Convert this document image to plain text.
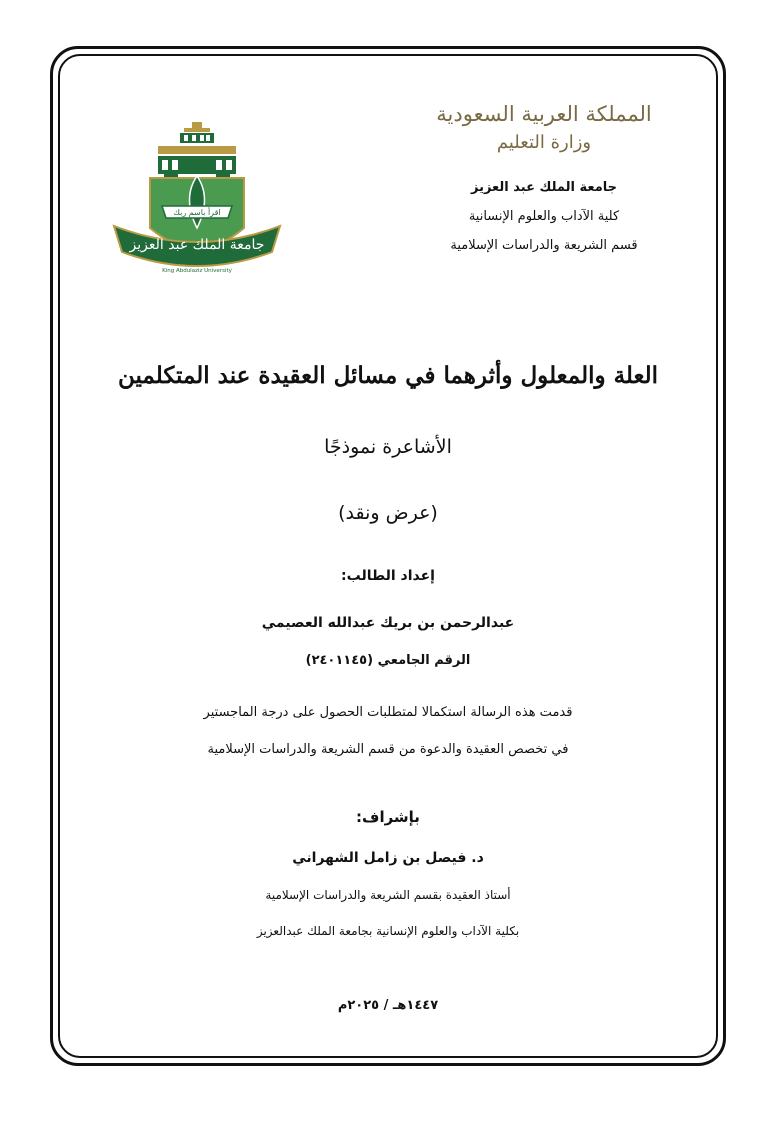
المملكة العربية السعودية
وزارة التعليم
جامعة الملك عبد العزيز
كلية الآداب والعلوم الإنسانية
قسم الشريعة والدراسات الإسلامية
اقرأ باسم ربك
جامعة الملك عبد العزيز
King Abdulaziz University
العلة والمعلول وأثرهما في مسائل العقيدة عند المتكلمين
الأشاعرة نموذجًا
(عرض ونقد)
إعداد الطالب:
عبدالرحمن بن بريك عبدالله العصيمي
الرقم الجامعي (٢٤٠١١٤٥)
قدمت هذه الرسالة استكمالا لمتطلبات الحصول على درجة الماجستير
في تخصص العقيدة والدعوة من قسم الشريعة والدراسات الإسلامية
بإشراف:
د. فيصل بن زامل الشهراني
أستاذ العقيدة بقسم الشريعة والدراسات الإسلامية
بكلية الآداب والعلوم الإنسانية بجامعة الملك عبدالعزيز
١٤٤٧هـ / ٢٠٢٥م
